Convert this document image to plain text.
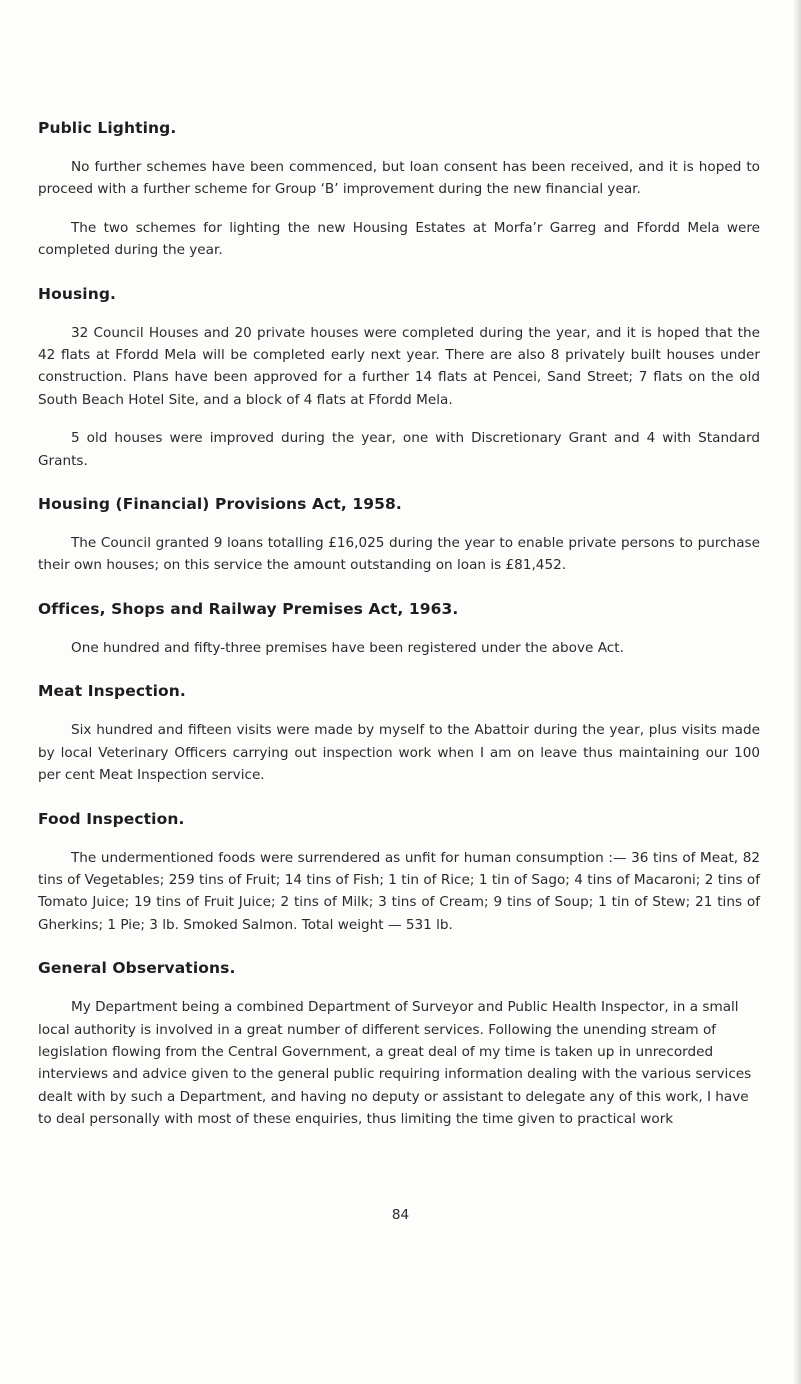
Public Lighting.

No further schemes have been commenced, but loan consent has been received, and it is hoped to proceed with a further scheme for Group ‘B’ improvement during the new financial year.

The two schemes for lighting the new Housing Estates at Morfa’r Garreg and Ffordd Mela were completed during the year.

Housing.

32 Council Houses and 20 private houses were completed during the year, and it is hoped that the 42 flats at Ffordd Mela will be completed early next year. There are also 8 privately built houses under construction. Plans have been approved for a further 14 flats at Pencei, Sand Street; 7 flats on the old South Beach Hotel Site, and a block of 4 flats at Ffordd Mela.

5 old houses were improved during the year, one with Discretionary Grant and 4 with Standard Grants.

Housing (Financial) Provisions Act, 1958.

The Council granted 9 loans totalling £16,025 during the year to enable private persons to purchase their own houses; on this service the amount outstanding on loan is £81,452.

Offices, Shops and Railway Premises Act, 1963.

One hundred and fifty-three premises have been registered under the above Act.

Meat Inspection.

Six hundred and fifteen visits were made by myself to the Abattoir during the year, plus visits made by local Veterinary Officers carrying out inspection work when I am on leave thus maintaining our 100 per cent Meat Inspection service.

Food Inspection.

The undermentioned foods were surrendered as unfit for human consumption :— 36 tins of Meat, 82 tins of Vegetables; 259 tins of Fruit; 14 tins of Fish; 1 tin of Rice; 1 tin of Sago; 4 tins of Macaroni; 2 tins of Tomato Juice; 19 tins of Fruit Juice; 2 tins of Milk; 3 tins of Cream; 9 tins of Soup; 1 tin of Stew; 21 tins of Gherkins; 1 Pie; 3 lb. Smoked Salmon. Total weight — 531 lb.

General Observations.

My Department being a combined Department of Surveyor and Public Health Inspector, in a small local authority is involved in a great number of different services. Following the unending stream of legislation flowing from the Central Government, a great deal of my time is taken up in unrecorded interviews and advice given to the general public requiring information dealing with the various services dealt with by such a Department, and having no deputy or assistant to delegate any of this work, I have to deal personally with most of these enquiries, thus limiting the time given to practical work

84
